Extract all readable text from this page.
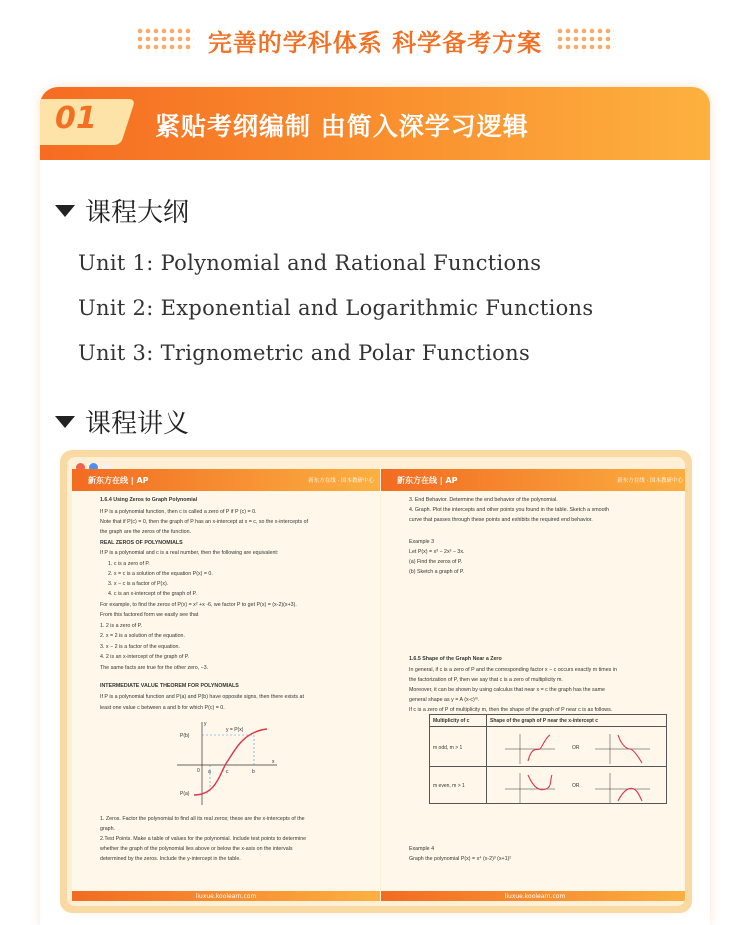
完善的学科体系 科学备考方案
01 紧贴考纲编制 由简入深学习逻辑
课程大纲
Unit 1: Polynomial and Rational Functions
Unit 2: Exponential and Logarithmic Functions
Unit 3: Trignometric and Polar Functions
课程讲义
新东方在线 | AP	新东方在线 · 国本教研中心
1.6.4 Using Zeros to Graph Polynomial
If P is a polynomial function, then c is called a zero of P if P (c) = 0.
Note that if P(c) = 0, then the graph of P has an x-intercept at x = c, so the x-intercepts of
the graph are the zeros of the function.
REAL ZEROS OF POLYNOMIALS
If P is a polynomial and c is a real number, then the following are equivalent:
1. c is a zero of P.
2. x = c is a solution of the equation P(x) = 0.
3. x − c is a factor of P(x).
4. c is an x-intercept of the graph of P.
For example, to find the zeros of P(x) = x² +x -6, we factor P to get P(x) = (x-2)(x+3).
From this factored form we easily see that
1. 2 is a zero of P.
2. x = 2 is a solution of the equation.
3. x − 2 is a factor of the equation.
4. 2 is an x-intercept of the graph of P.
The same facts are true for the other zero, −3.
INTERMEDIATE VALUE THEOREM FOR POLYNOMIALS
If P is a polynomial function and P(a) and P(b) have opposite signs, then there exists at
least one value c between a and b for which P(c) = 0.
P(b)
y = P(x)
P(a)
a	c	b
x
y
0
1. Zeros. Factor the polynomial to find all its real zeros; these are the x-intercepts of the
graph.
2.Test Points. Make a table of values for the polynomial. Include test points to determine
whether the graph of the polynomial lies above or below the x-axis on the intervals
determined by the zeros. Include the y-intercept in the table.
liuxue.koolearn.com
新东方在线 | AP	新东方在线 · 国本教研中心
3. End Behavior. Determine the end behavior of the polynomial.
4. Graph. Plot the intercepts and other points you found in the table. Sketch a smooth
curve that passes through these points and exhibits the required end behavior.
Example 3
Let P(x) = x³ − 2x² − 3x.
(a) Find the zeros of P.
(b) Sketch a graph of P.
1.6.5 Shape of the Graph Near a Zero
In general, if c is a zero of P and the corresponding factor x − c occurs exactly m times in
the factorization of P, then we say that c is a zero of multiplicity m.
Moreover, it can be shown by using calculus that near x = c the graph has the same
general shape as y = A (x-c)ᵐ.
If c is a zero of P of multiplicity m, then the shape of the graph of P near c is as follows.
Multiplicity of c	Shape of the graph of P near the x-intercept c
m odd, m > 1
m even, m > 1
OR
OR
Example 4
Graph the polynomial P(x) = x⁴ (x-2)³ (x+1)²
liuxue.koolearn.com
